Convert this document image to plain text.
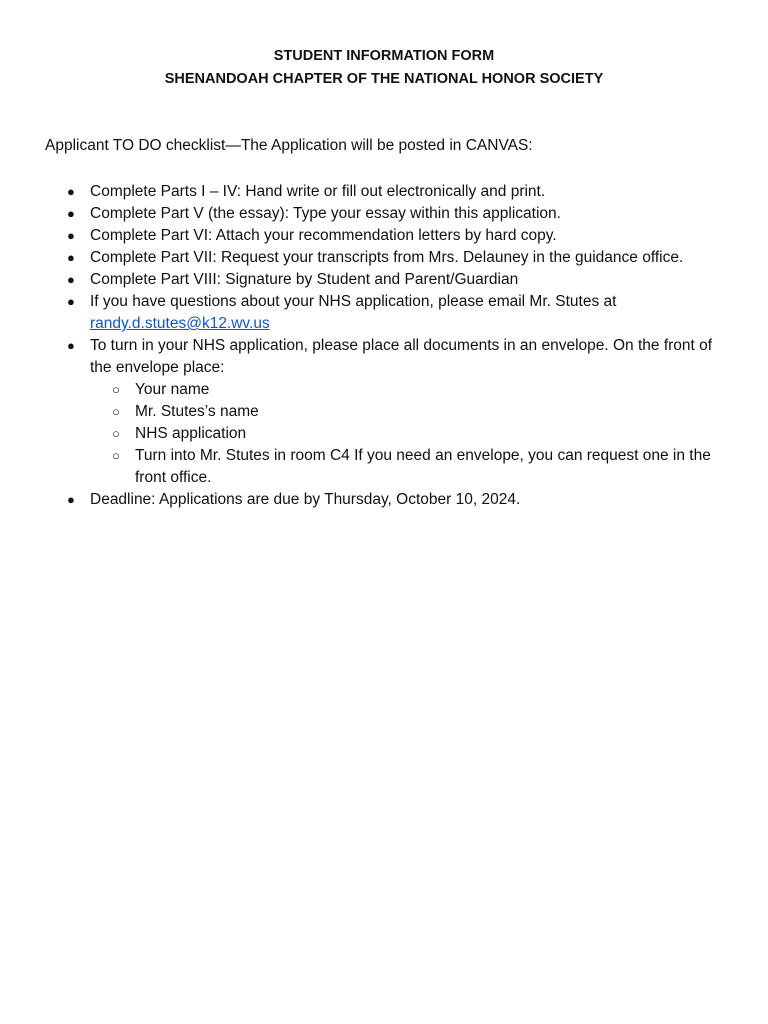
STUDENT INFORMATION FORM
SHENANDOAH CHAPTER OF THE NATIONAL HONOR SOCIETY
Applicant TO DO checklist—The Application will be posted in CANVAS:
● Complete Parts I – IV: Hand write or fill out electronically and print.
● Complete Part V (the essay): Type your essay within this application.
● Complete Part VI: Attach your recommendation letters by hard copy.
● Complete Part VII: Request your transcripts from Mrs. Delauney in the guidance office.
● Complete Part VIII: Signature by Student and Parent/Guardian
● If you have questions about your NHS application, please email Mr. Stutes at
randy.d.stutes@k12.wv.us
● To turn in your NHS application, please place all documents in an envelope. On the front of the envelope place:
○ Your name
○ Mr. Stutes’s name
○ NHS application
○ Turn into Mr. Stutes in room C4 If you need an envelope, you can request one in the front office.
● Deadline: Applications are due by Thursday, October 10, 2024.
